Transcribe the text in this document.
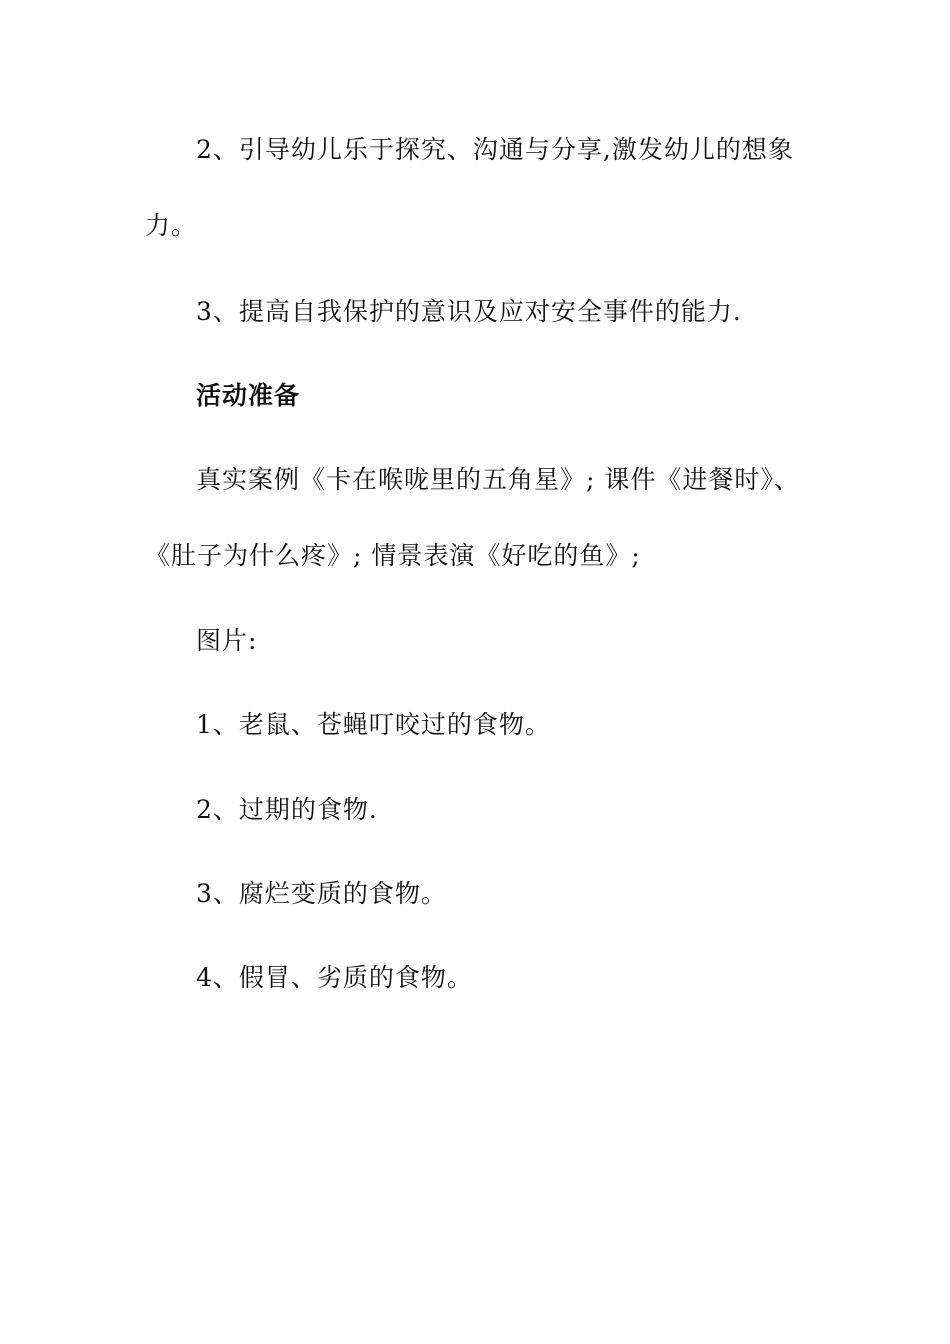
2、引导幼儿乐于探究、沟通与分享,激发幼儿的想象
力。
3、提高自我保护的意识及应对安全事件的能力.
活动准备
真实案例《卡在喉咙里的五角星》; 课件《进餐时》、
《肚子为什么疼》; 情景表演《好吃的鱼》;
图片:
1、老鼠、苍蝇叮咬过的食物。
2、过期的食物.
3、腐烂变质的食物。
4、假冒、劣质的食物。
